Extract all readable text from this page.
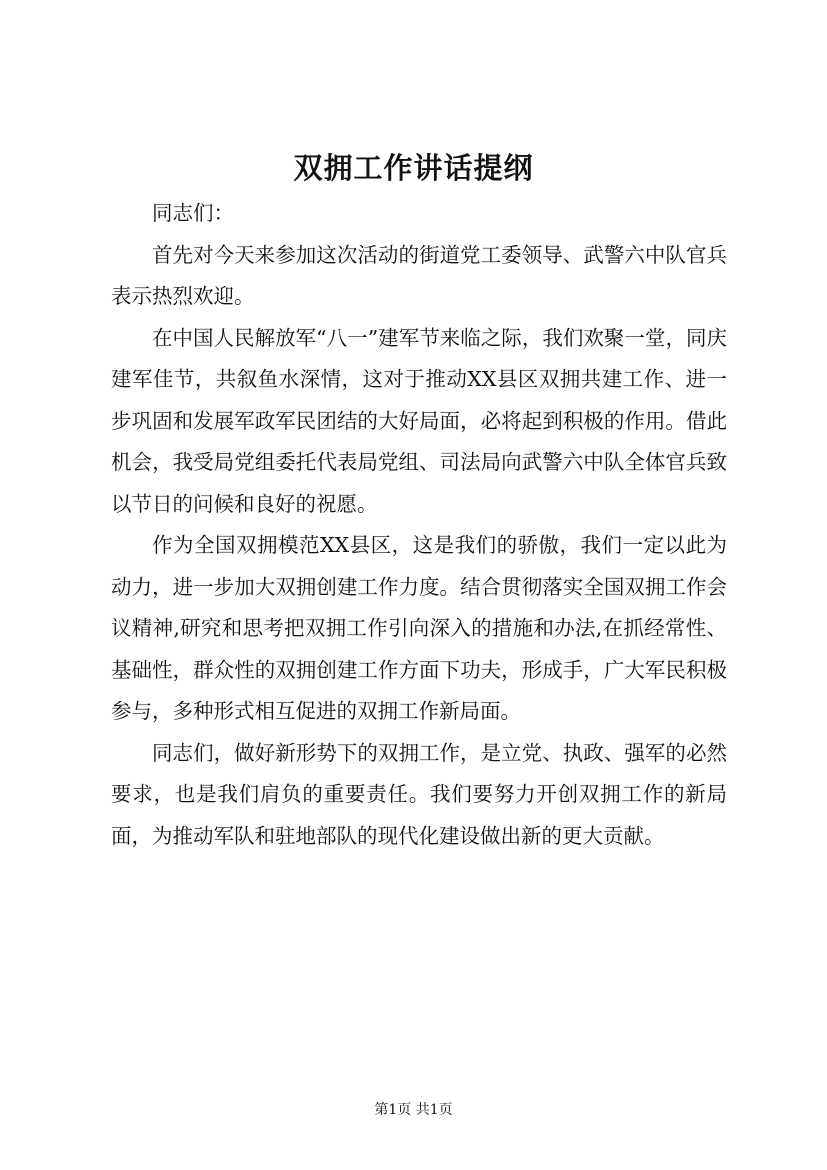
双拥工作讲话提纲

同志们：

首先对今天来参加这次活动的街道党工委领导、武警六中队官兵表示热烈欢迎。

在中国人民解放军“八一”建军节来临之际，我们欢聚一堂，同庆建军佳节，共叙鱼水深情，这对于推动XX县区双拥共建工作、进一步巩固和发展军政军民团结的大好局面，必将起到积极的作用。借此机会，我受局党组委托代表局党组、司法局向武警六中队全体官兵致以节日的问候和良好的祝愿。

作为全国双拥模范XX县区，这是我们的骄傲，我们一定以此为动力，进一步加大双拥创建工作力度。结合贯彻落实全国双拥工作会议精神,研究和思考把双拥工作引向深入的措施和办法,在抓经常性、基础性，群众性的双拥创建工作方面下功夫，形成手，广大军民积极参与，多种形式相互促进的双拥工作新局面。

同志们，做好新形势下的双拥工作，是立党、执政、强军的必然要求，也是我们肩负的重要责任。我们要努力开创双拥工作的新局面，为推动军队和驻地部队的现代化建设做出新的更大贡献。

第1页 共1页
